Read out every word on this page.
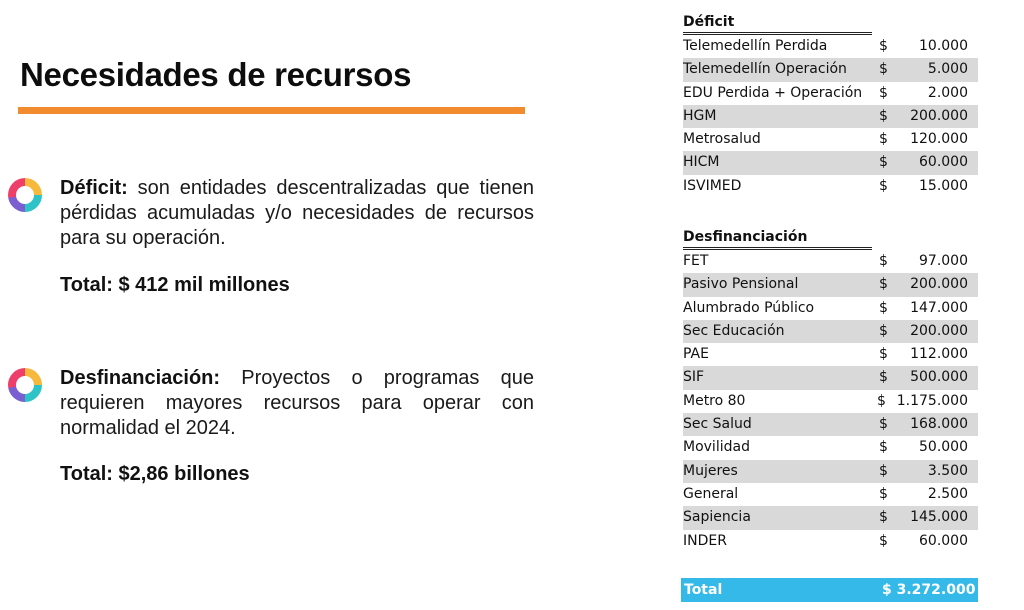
Necesidades de recursos
Déficit: son entidades descentralizadas que tienen pérdidas acumuladas y/o necesidades de recursos para su operación.
Total: $ 412 mil millones
Desfinanciación: Proyectos o programas que requieren mayores recursos para operar con normalidad el 2024.
Total: $2,86 billones
Déficit
Telemedellín Perdida	$	10.000
Telemedellín Operación	$	5.000
EDU Perdida + Operación	$	2.000
HGM	$	200.000
Metrosalud	$	120.000
HICM	$	60.000
ISVIMED	$	15.000
Desfinanciación
FET	$	97.000
Pasivo Pensional	$	200.000
Alumbrado Público	$	147.000
Sec Educación	$	200.000
PAE	$	112.000
SIF	$	500.000
Metro 80	$ 1.175.000
Sec Salud	$	168.000
Movilidad	$	50.000
Mujeres	$	3.500
General	$	2.500
Sapiencia	$	145.000
INDER	$	60.000
Total	$ 3.272.000
